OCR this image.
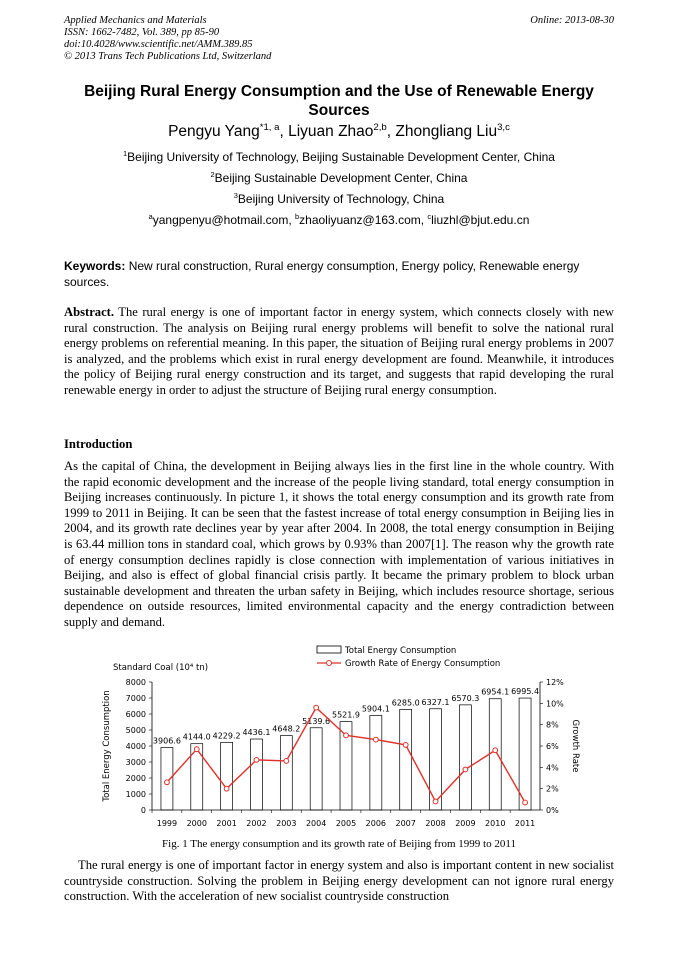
Applied Mechanics and Materials
ISSN: 1662-7482, Vol. 389, pp 85-90
doi:10.4028/www.scientific.net/AMM.389.85
© 2013 Trans Tech Publications Ltd, Switzerland
Online: 2013-08-30
Beijing Rural Energy Consumption and the Use of Renewable Energy Sources
Pengyu Yang$^{*1, a}$, Liyuan Zhao$^{2,b}$, Zhongliang Liu$^{3,c}$
$^1$Beijing University of Technology, Beijing Sustainable Development Center, China
$^2$Beijing Sustainable Development Center, China
$^3$Beijing University of Technology, China
$^a$yangpenyu@hotmail.com, $^b$zhaoliyuanz@163.com, $^c$liuzhl@bjut.edu.cn
Keywords: New rural construction, Rural energy consumption, Energy policy, Renewable energy sources.
Abstract. The rural energy is one of important factor in energy system, which connects closely with new rural construction. The analysis on Beijing rural energy problems will benefit to solve the national rural energy problems on referential meaning. In this paper, the situation of Beijing rural energy problems in 2007 is analyzed, and the problems which exist in rural energy development are found. Meanwhile, it introduces the policy of Beijing rural energy construction and its target, and suggests that rapid developing the rural renewable energy in order to adjust the structure of Beijing rural energy consumption.
Introduction
As the capital of China, the development in Beijing always lies in the first line in the whole country. With the rapid economic development and the increase of the people living standard, total energy consumption in Beijing increases continuously. In picture 1, it shows the total energy consumption and its growth rate from 1999 to 2011 in Beijing. It can be seen that the fastest increase of total energy consumption in Beijing lies in 2004, and its growth rate declines year by year after 2004. In 2008, the total energy consumption in Beijing is 63.44 million tons in standard coal, which grows by 0.93% than 2007[1]. The reason why the growth rate of energy consumption declines rapidly is close connection with implementation of various initiatives in Beijing, and also is effect of global financial crisis partly. It became the primary problem to block urban sustainable development and threaten the urban safety in Beijing, which includes resource shortage, serious dependence on outside resources, limited environmental capacity and the energy contradiction between supply and demand.
Total Energy Consumption
Growth Rate of Energy Consumption
Standard Coal (10⁴ tn)
0
1000
2000
3000
4000
5000
6000
7000
8000
0%
2%
4%
6%
8%
10%
12%
Total Energy Consumption	Growth Rate
3906.6
1999
4144.0
2000
4229.2
2001
4436.1
2002
4648.2
2003
5139.6
2004
5521.9
2005
5904.1
2006
6285.0
2007
6327.1
2008
6570.3
2009
6954.1
2010
6995.4
2011
Fig. 1 The energy consumption and its growth rate of Beijing from 1999 to 2011
The rural energy is one of important factor in energy system and also is important content in new socialist countryside construction. Solving the problem in Beijing energy development can not ignore rural energy construction. With the acceleration of new socialist countryside construction
